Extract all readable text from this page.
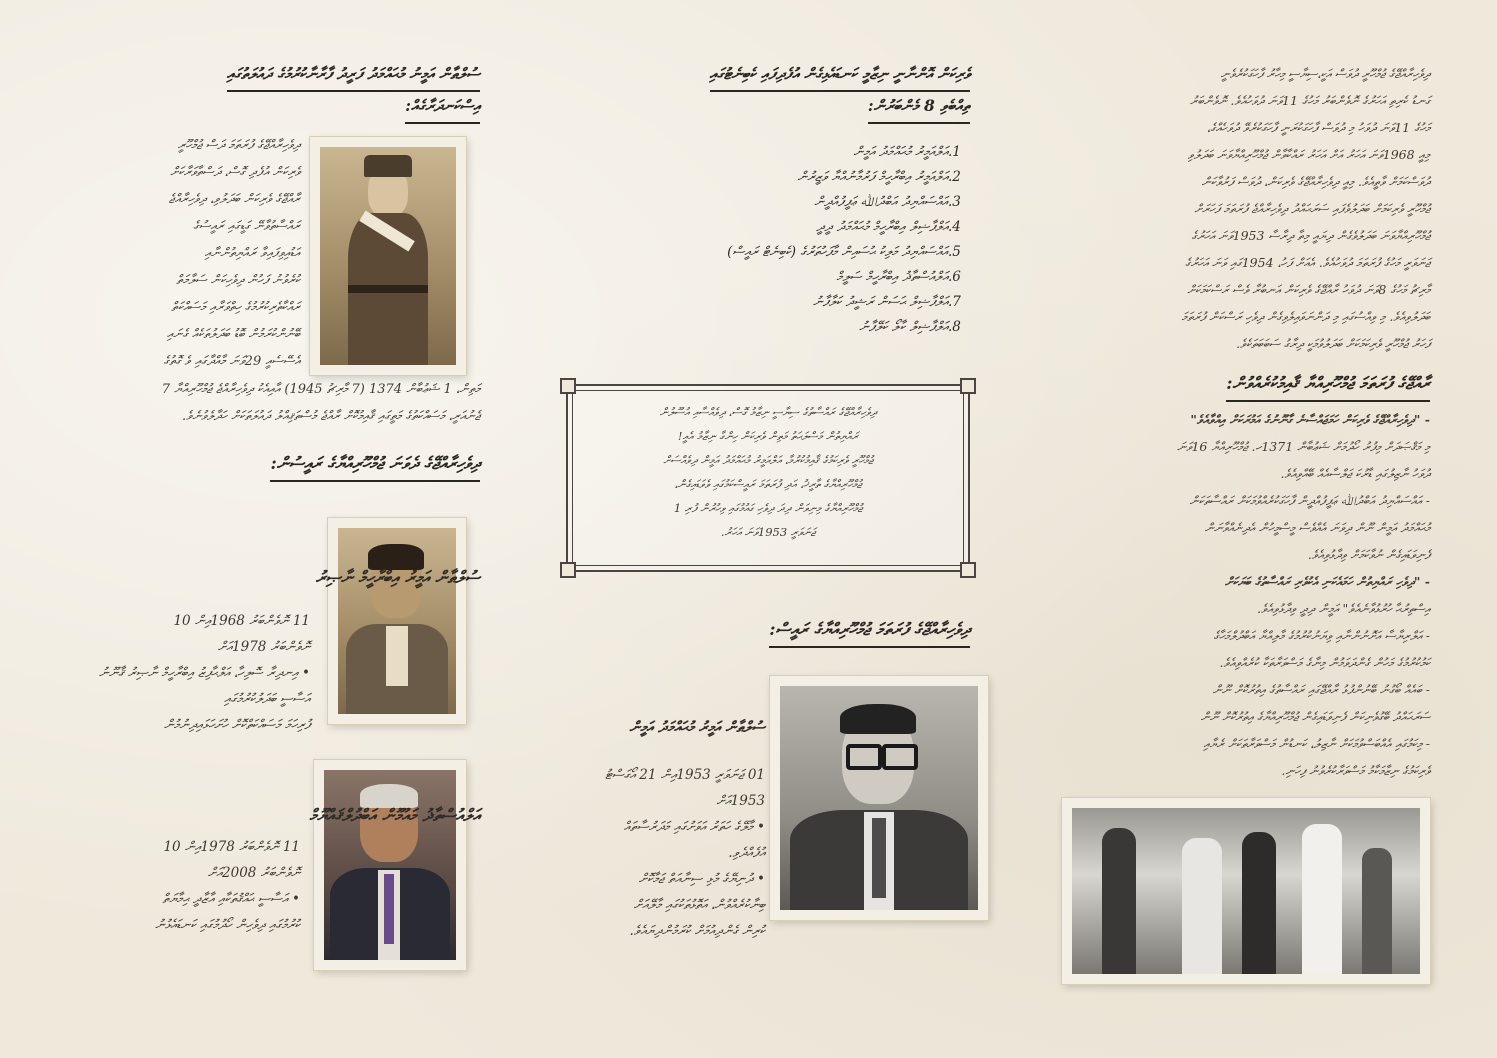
ސުލްޠާން އަމީނު މުޙައްމަދު ފަރީދު ފާރާނާކުރުމުގެ ދައުލަތުގައި
އިސްކަނދަރާގެއް:
ދިވެހިރާއްޖޭގެ ފުރަތަމަ ދަސް ޖުމްހޫރީ
ވެރިކަން އުފެދި ގޮސް، ދަސްތާވަރާކަށް
ރާއްޖޭގެ ވެރިކަން ބަދަލުވި، ދިވެހިރާއްޖެ
ރައްސާތުވާނޭ ގަޑީގައި ރައީސުގެ
އަޑުއިވިފައިވާ ރައްޔިތުންނާއި
ކުރެވުނު ފަހުން ދިވެހިކަން ސަލާމަތް
ރައްކާތެރިކުރުމުގެ ހިތްވަރާއި މަސައްކަތް
ބޭނުންކުރަމުން ބޮޑު ބަދަލުތަކެއް ގެނައި
އެސޭސެއީ 29ވަނަ މާއްދާގައި ވެ ގޮތުގެ
މަތިން، 1 ޝަޢުބާން 1374 (7 މާރިޗު 1945) އާއިއެކު ދިވެހިރާއްޖެ ޖުމްހޫރިއްޔާ 7
ޖެނުއަރީ، މަސައްކަތުގެ މަތީގައި ޤާއިމުކޮށް ރާއްޖެ މުސްތަޤިއްލު ދައުލަތަކަށް ހަދާލެވުނެވެ.
ދިވެހިރާއްޖޭގެ ދެވަނަ ޖުމްހޫރިއްޔާގެ ރައީސުން:
ސުލްޠާން އަމީރު އިބްރާހީމް ނާޞިރު
11 ނޮވެންބަރު 1968އިން 10
ނޮވެންބަރު 1978އަށް
• އިނދިރާ ސޮލިހާ، އަލްޙާފިޒު އިބްރާހީމް ނާޞިރު ޤާނޫނު އަސާސީ ބަދަލުކުރުމުގައި
ފުރިހަމަ މަސައްކަތްކޮށް ހުށަހަޅައިދިނުމުން
އަލްއުސްތާޛު މައުމޫން އަބްދުލްޤައްޔޫމް
11 ނޮވެންބަރު 1978އިން 10
ނޮވެންބަރު 2008އަށް
• އަސާސީ ޙައްޤުތަކާއި އާޒާދީ ޙިމާޔަތް
ކުރުމުގައި ދިވެހިން ހޯދުމުގައި ކަނޑައެޅުނު
ވެރިކަން އޮންނާނީ ނިޒާމީ ކަނޑައެޅިގެން އުފެދިފައި ކެބިނެޓުގައި
ތިއްބެވި 8 މެންބަރުން:
1.އަލްއަމީރު މުޙައްމަދު އަމީން
2.އަލްއަމީރު އިބްރާހީމް ފަރުމާނުއްޔާ ވަޒީރުން
3.އައްސައްޔިދު އަބްދުﷲ ޢަފީފުއްދީން
4.އަލްފާޟިލް އިބްރާހީމް މުޙައްމަދު ދީދީ
5.އައްސައްޔިދު މަލިކު ޙުސައިން މާފަހުތަރުގެ (ކެބިނެޓް ރައީސް)
6.އަލްއުސްތާޛު އިބްރާހީމް ސަލީމް
7.އަލްފާޟިލް ޙަސަން ރަޝީދު ކަލާފާނު
8.އަލްފާޟިލް ކާލޯ ކަލޭފާނު
ދިވެހިރާއްޖޭގެ ރައްސާތުގެ ސިޔާސީ ނިޒާމު ގޮސް، ދިވެއްސާއި އުސޫލުން
ރައްޔިތުން މަސްލަޙަތު މަތިން ވެރިކަން ހިންގާ ނިޒާމު އެއީ!
ޖުމްހޫރީ ވެރިކަމުގެ ޤާއިމުކުރުމާ، އަލްއަމީރު މުޙައްމަދު އަމީން ދިވެއްސަށް
ޖުމްހޫރިއްޔާގެ ތާރީޚު، އަދި ފުރަތަމަ ރައީސްކަމުގައި ވެވަޑައިގެން،
ޖުމްހޫރިއްޔާގެ މިނިވަން ދިދަ ދިވެހި ގައުމުގައި ވިހުރުން ފުރި 1
ޖަނަވަރީ 1953ވަނަ އަހަރު.
ދިވެހިރާއްޖޭގެ ފުރަތަމަ ޖުމްހޫރިއްޔާގެ ރައީސް:
ސުލްޠާން އަމީރު މުޙައްމަދު އަމީން
01 ޖަނަވަރީ 1953އިން 21 އޯގަސްޓު
1953އަށް
• މާލޭގެ ހަތަރު އަވަށުގައި މަދަރުސާތައް
އުފެއްދެވި.
• ދުނިޔޭގެ މުޅި ސިނާއަތް ޖަމާކޮށް
ބިނާކުރެއްވުން، އަތޮޅުތަކުގައި މާލޭއަށް
ކުރިން ގެންދިއުމަށް ކުރަމުންދިޔައެވެ.
ދިވެހިރާއްޖޭގެ ޖުމްހޫރީ ދުވަސް އަކީ،ސިޔާސީ މިހާރު ފާހަގަކުރެވެނީ
ގަނޑު ކެރިތި އަހަރުގެ ނޮވެންބަރު މަހުގެ 11ވަނަ ދުވަހުއެވެ. ނޮވެންބަރު
މަހުގެ 11ވަނަ ދުވަހު މި ދުވަސް ފާހަގަކުރަނީ ފާހަގަކުރެވޭ ދުވަހެއްގެ،
މިއީ 1968ވަނަ އަހަރު އަށް އަހަރު ރައްކާވާން ޖުމްހޫރިއްޔާވަނަ ބަދަލުވި
ދުވަސްކަމަށް ވާތީއެވެ. މިއީ ދިވެހިރާއްޖޭގެ ވެރިކަން، ދުވަސް ފަރުވާކަން
ޖުމްހޫރީ ވެރިކަމަށް ބަދަލުވެފައި ސަރަޙައްދު ދިވެހިރާއްޖެ ފުރަތަމަ ފަހަރަށް
ޖުމްހޫރިއްޔާވަނަ ބަދަލުވެގެން ދިޔައީ މިތާ ދިރާސާ 1953ވަނަ އަހަރުގެ
ޖަނަވަރީ މަހުގެ ފުރަތަމަ ދުވަހުއެވެ. އެއަށް ފަހު، 1954ގައި ވަނަ އަހަރުގެ
މާރިޗު މަހުގެ 8ވަނަ ދުވަހު ރާއްޖޭގެ ވެރިކަން އަނބުރާ ވެސް ރަސްކަމަކަށް
ބަދަލުވިއެވެ. މި ވިއްސުގައި މި ދަންނަވައިލެވިގެން ދިވެހި ރަސްކަން ފުރަތަމަ
ފަހަރު ޖުމްހޫރީ ވެރިކަމަކަށް ބަދަލުވުމަކީ ދިރާގު ސަބަބަތަކެވެ.
ރާއްޖޭގެ ފުރަތަމަ ޖުމްހޫރިއްޔާ ޤާއިމުކުރެއްވުން:
- "ދިވެހިރާއްޖޭގެ ވެރިކަން ހަމަޖައްސާނެ ގާނޫނުގެ އަމުރަކަށް އިއްވާއެވެ"
މި މަޤްޞަދަށް މިފުރު ހޯދުމަށް ޝަޢުބާން 1371ހ. ޖުމްހޫރިއްޔާ 16ވަނަ
ދުވަހު ނާޒިލުގައި ޑާރުކަ ޖަލްސާއެއް ބޭއްވިއެވެ.
- އައްސައްޔިދު އަބްދުﷲ ޢަފީފުއްދީން ފާހަގަކުރެއްވުމަކަށް ރައްސާތަކަން
މުޙައްމަދު އަމީން ނޫން ދިވަނަ އެއްވެސް މީސްމީހުން އެދިނެއްވާނަން
ފެނިވަޑައިގެން ނުވާކަމަށް ވިދާޅުވިއެވެ.
- "ދިވެހި ރައްޔިތުން ހަމައެކަނި އެކުވެރި ރައްސާތުގެ ބަޔަކަށް
އިސްތިރުޙާ ހުރުޅުވާނެއެވެ" އަމީން ދިދީ ވިދާޅުވިއެވެ.
- އަލްރިޔާސާ އަށޮނުންނާއި ވިޔަނުކުރުމުގެ މާލިއްޔާ އަބްދުލްމަހާގެ
ކަމުކުރުމުގެ މަހުން ގެންދަވަމުން މިނާގެ މަސްވަރާތަކާ ކުރެއްވިއެވެ.
- ބައެއް ބޯގުނު ބޭނުންފުޅު ރާއްޖޭގައި ރައްސާތުގެ އިތުރުކޮށް ނޫން
ސަރަޙައްދު ބޭގުވެނިކަން ފެނިވަޑައިގެން ޖުމްހޫރިއްޔާގެ އިތުރުކޮށް ނޫން
- މިކަމުގައި އެއްބަސްވުމަކަށް ނާޒިލު، ކަނޑުން މަސްވަރާތަކަށް ރެޔާއި
ވެރިކަމުގެ ނިޒާމަކާމު މަސްވަރާކުރެވުނު ފިހަނި.
